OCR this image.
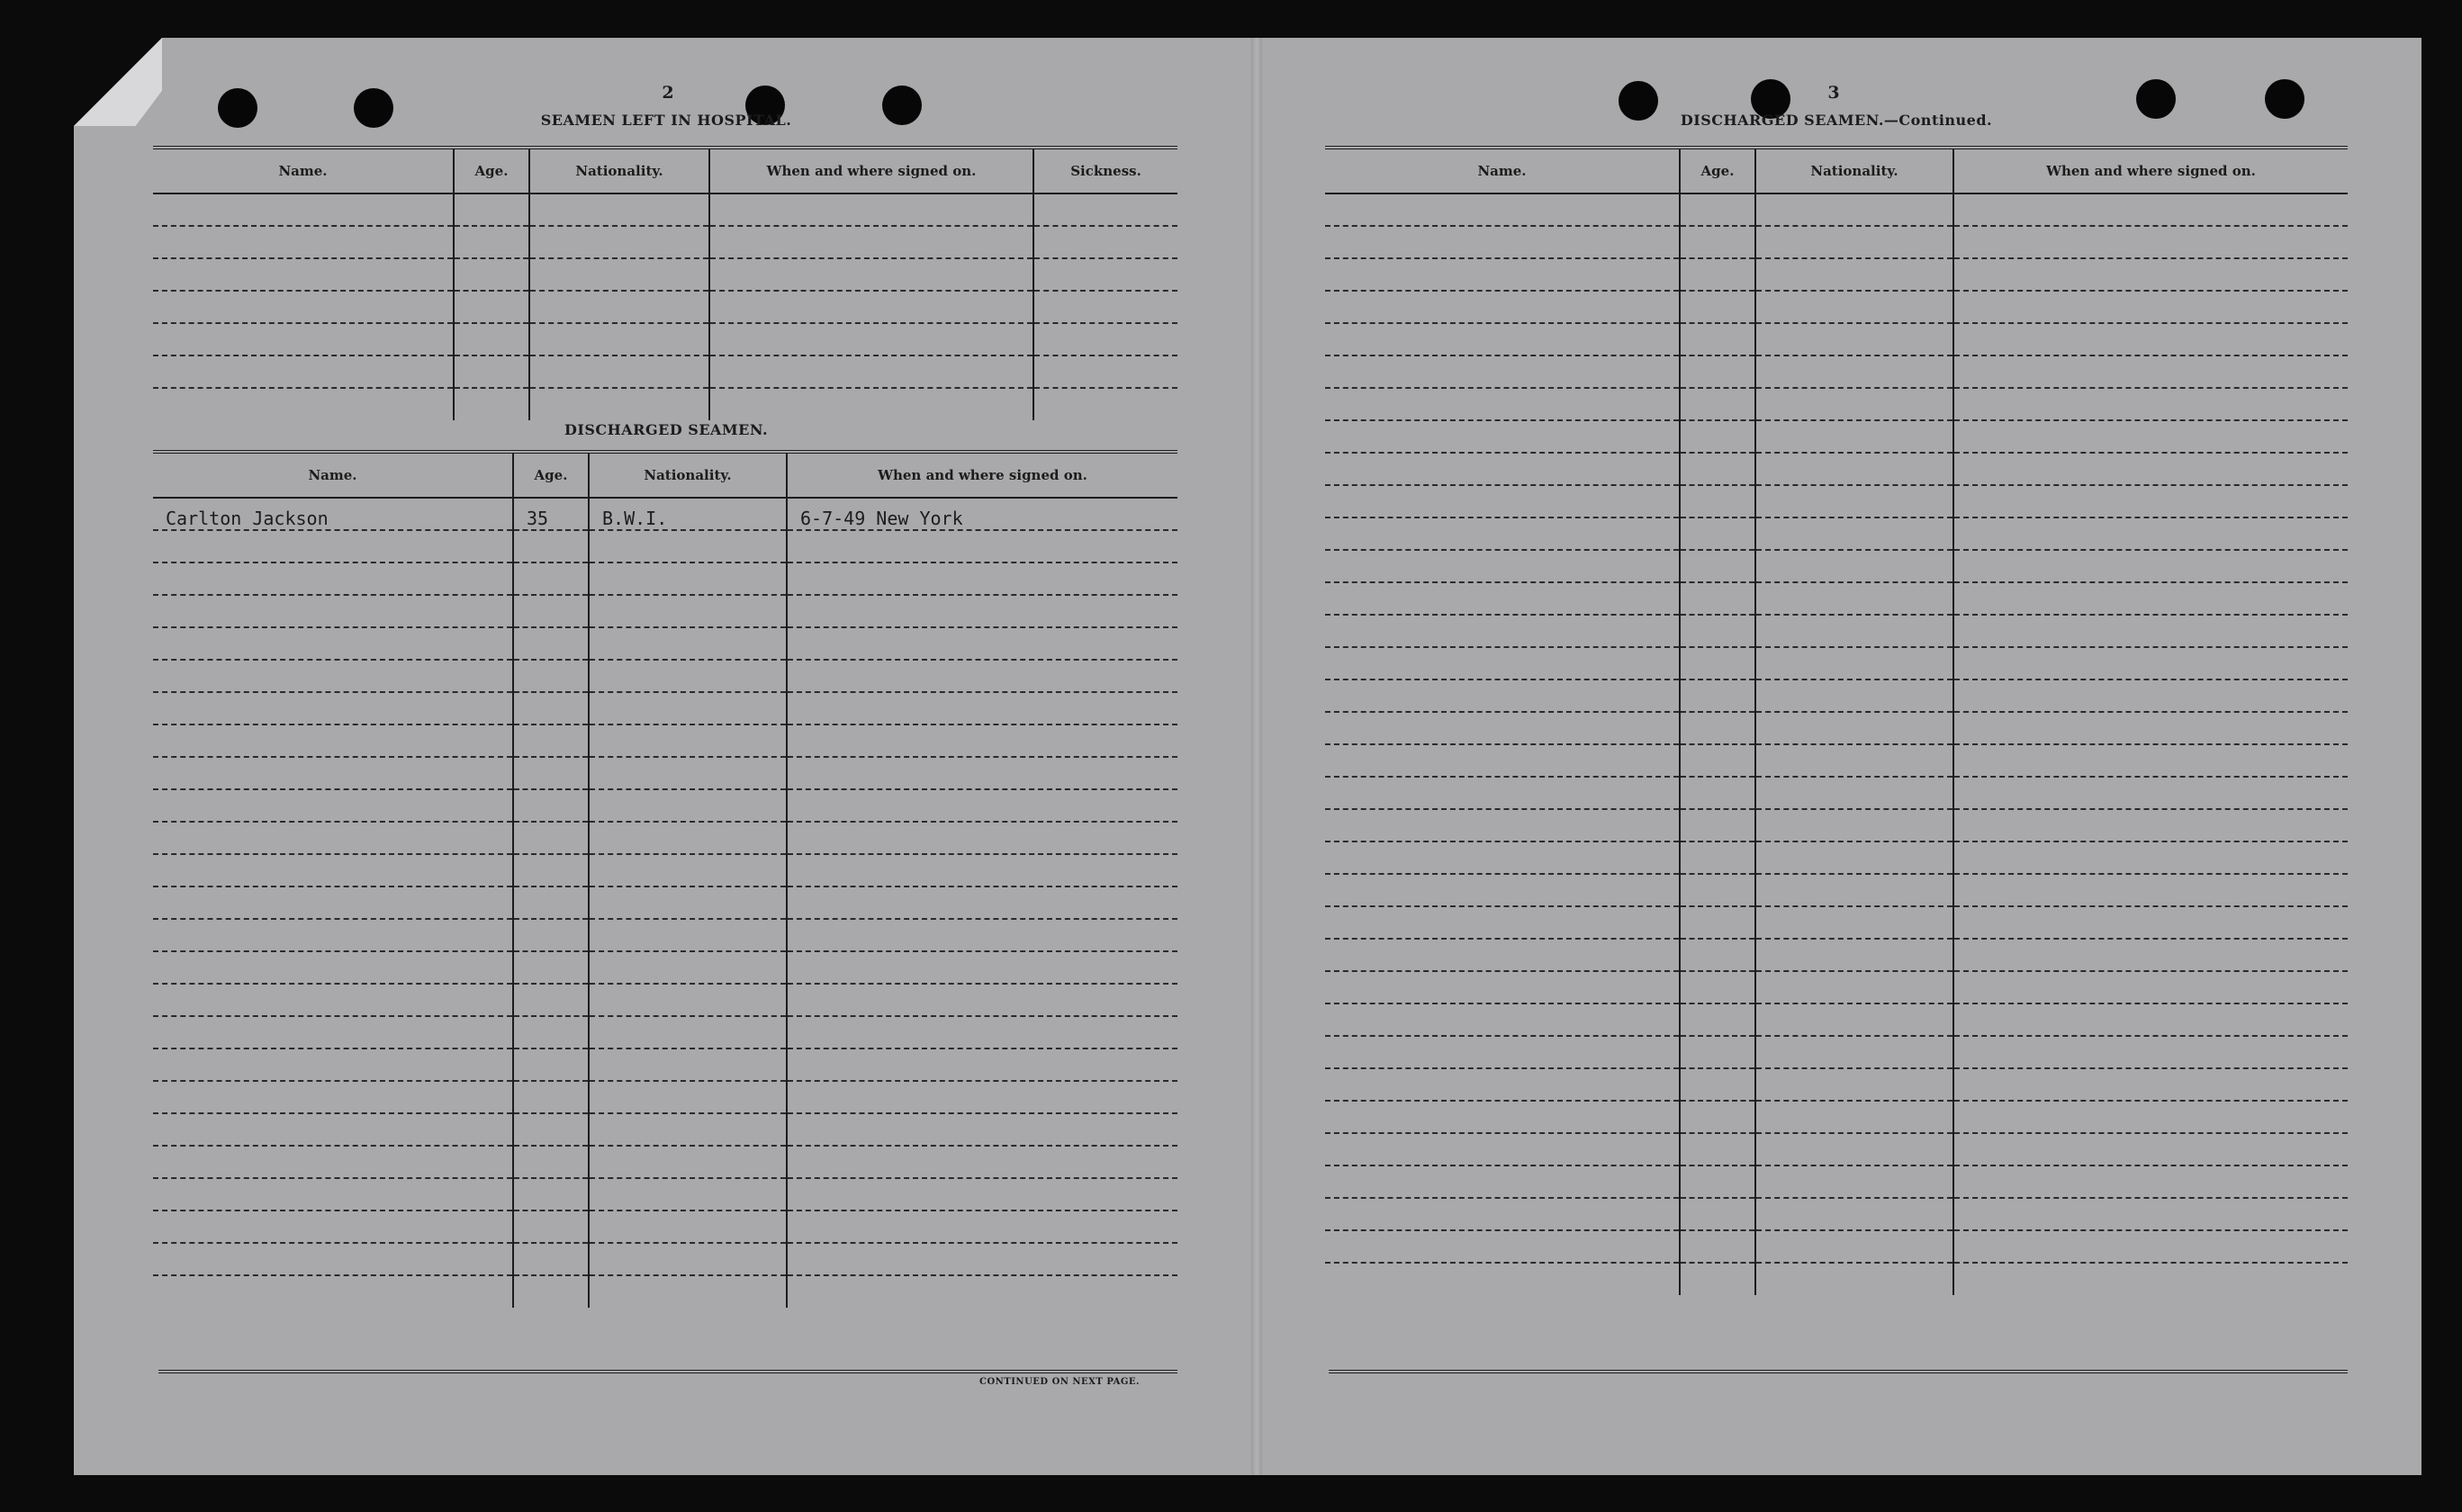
2
SEAMEN LEFT IN HOSPITAL.
Name.	Age.	Nationality.	When and where signed on.	Sickness.

DISCHARGED SEAMEN.
Name.	Age.	Nationality.	When and where signed on.
Carlton Jackson	35	B.W.I.	6-7-49 New York

CONTINUED ON NEXT PAGE.
3
DISCHARGED SEAMEN.—Continued.
Name.	Age.	Nationality.	When and where signed on.
